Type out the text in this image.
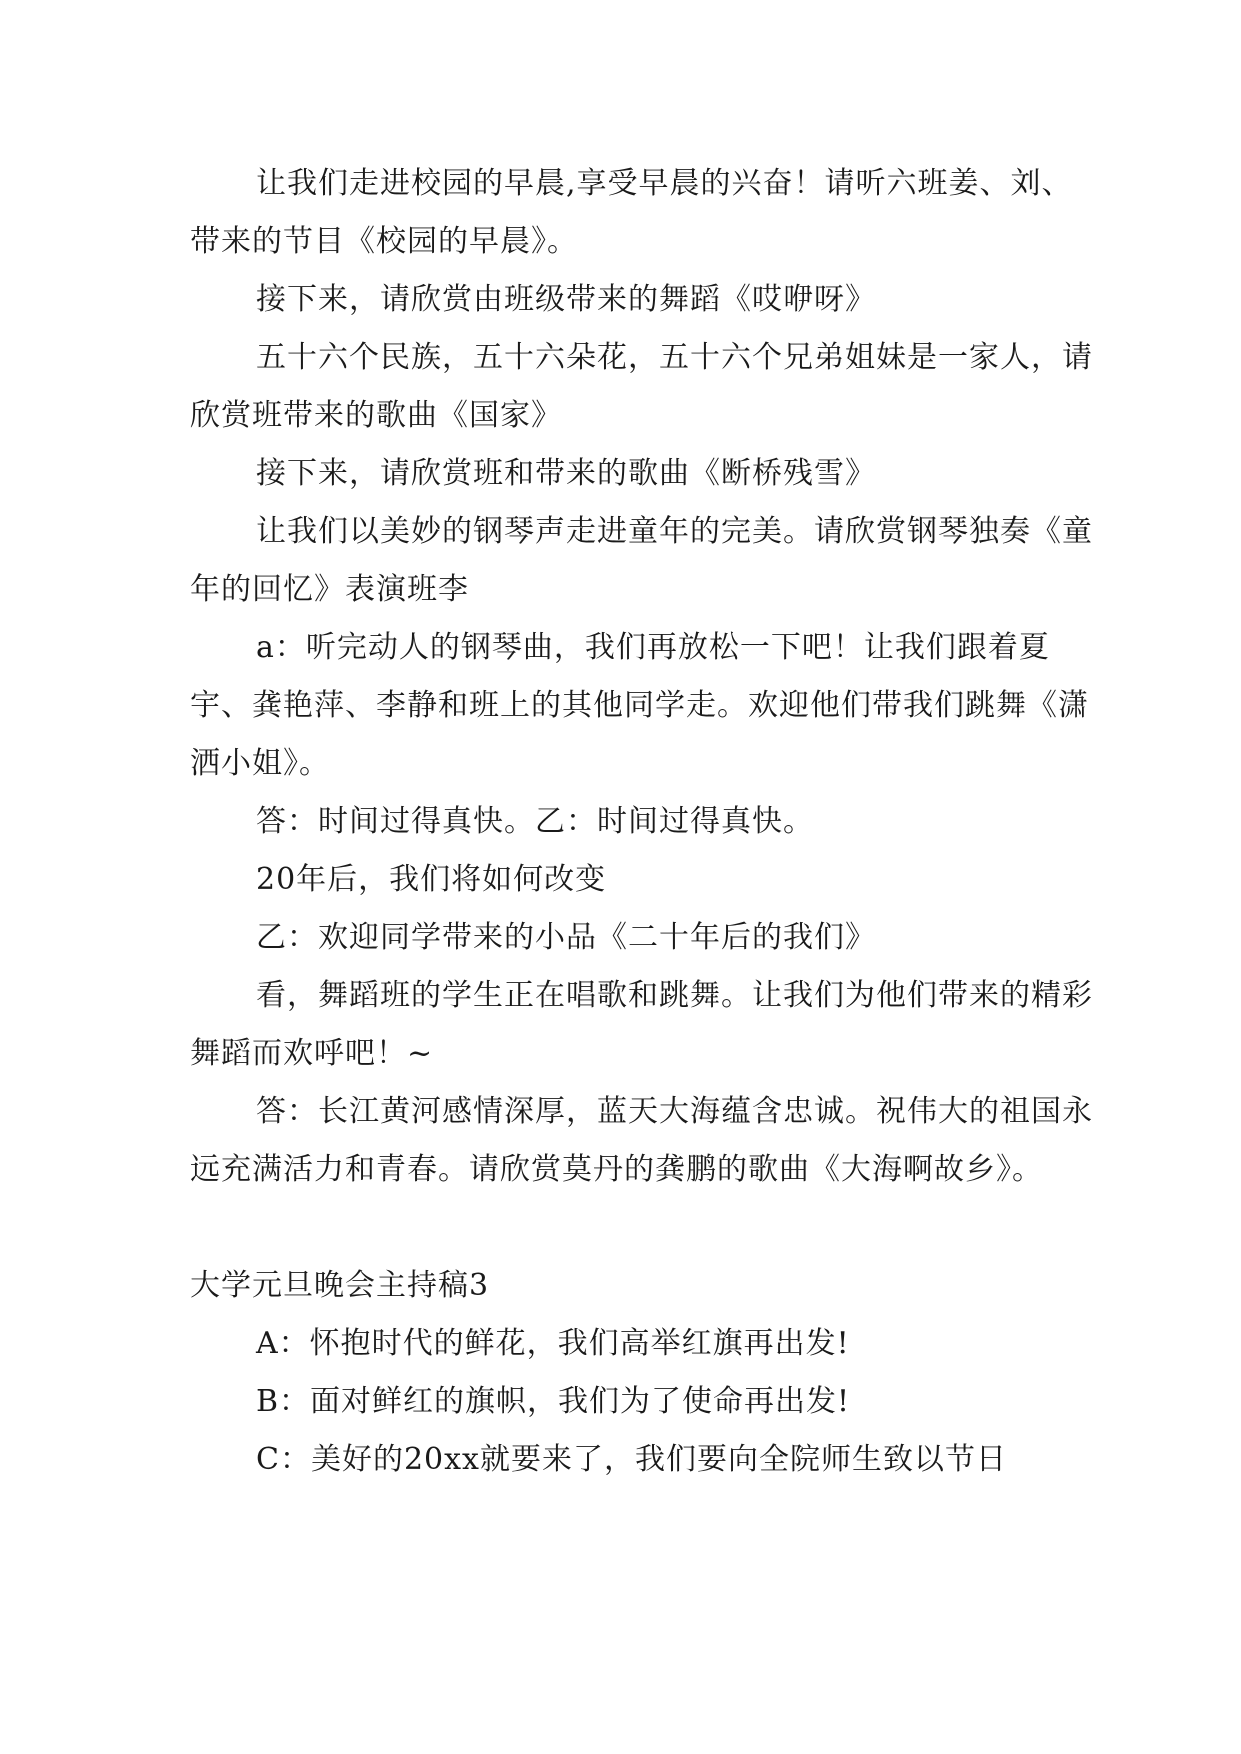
让我们走进校园的早晨,享受早晨的兴奋！请听六班姜、刘、带来的节目《校园的早晨》。

接下来，请欣赏由班级带来的舞蹈《哎咿呀》

五十六个民族，五十六朵花，五十六个兄弟姐妹是一家人，请欣赏班带来的歌曲《国家》

接下来，请欣赏班和带来的歌曲《断桥残雪》

让我们以美妙的钢琴声走进童年的完美。请欣赏钢琴独奏《童年的回忆》表演班李

a：听完动人的钢琴曲，我们再放松一下吧！让我们跟着夏宇、龚艳萍、李静和班上的其他同学走。欢迎他们带我们跳舞《潇洒小姐》。

答：时间过得真快。乙：时间过得真快。

20年后，我们将如何改变

乙：欢迎同学带来的小品《二十年后的我们》

看，舞蹈班的学生正在唱歌和跳舞。让我们为他们带来的精彩舞蹈而欢呼吧！~

答：长江黄河感情深厚，蓝天大海蕴含忠诚。祝伟大的祖国永远充满活力和青春。请欣赏莫丹的龚鹏的歌曲《大海啊故乡》。

大学元旦晚会主持稿3

A：怀抱时代的鲜花，我们高举红旗再出发!

B：面对鲜红的旗帜，我们为了使命再出发!

C：美好的20xx就要来了，我们要向全院师生致以节日
